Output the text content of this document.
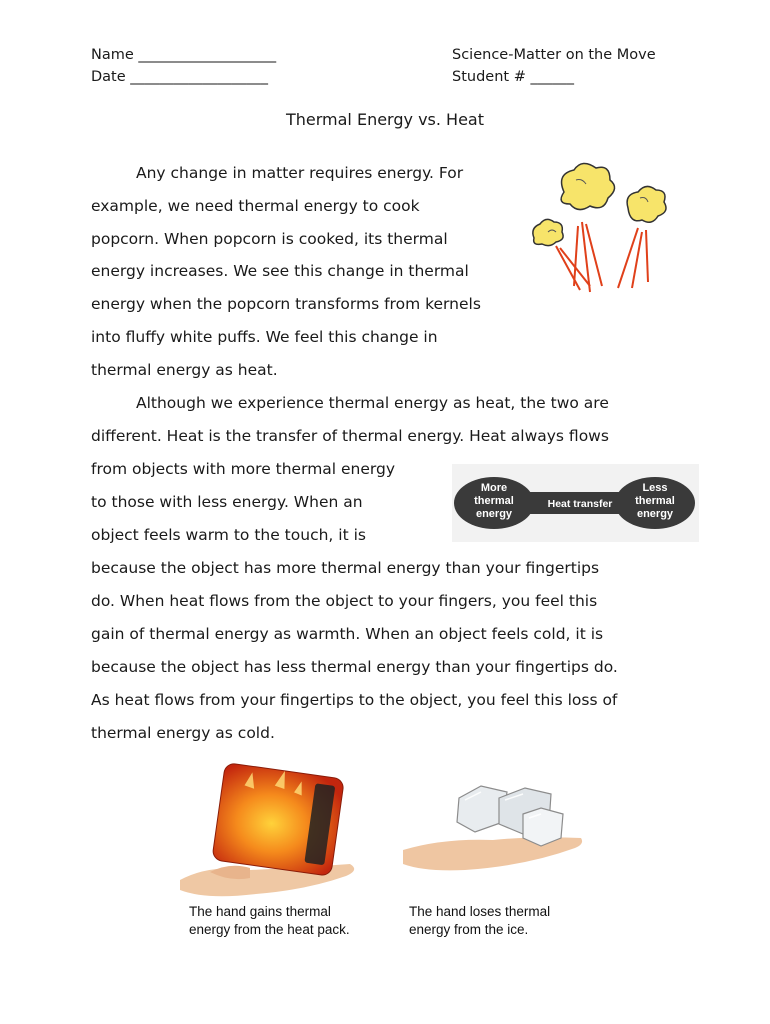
Name ___________________
Date ___________________
Science-Matter on the Move
Student # ______
Thermal Energy vs. Heat
Any change in matter requires energy. For
example, we need thermal energy to cook
popcorn. When popcorn is cooked, its thermal
energy increases. We see this change in thermal
energy when the popcorn transforms from kernels
into fluffy white puffs. We feel this change in
thermal energy as heat.
Although we experience thermal energy as heat, the two are
different. Heat is the transfer of thermal energy. Heat always flows
from objects with more thermal energy
to those with less energy. When an
object feels warm to the touch, it is
because the object has more thermal energy than your fingertips
do. When heat flows from the object to your fingers, you feel this
gain of thermal energy as warmth. When an object feels cold, it is
because the object has less thermal energy than your fingertips do.
As heat flows from your fingertips to the object, you feel this loss of
thermal energy as cold.
More
thermal
energy
Heat transfer
Less
thermal
energy
The hand gains thermal
energy from the heat pack.
The hand loses thermal
energy from the ice.
